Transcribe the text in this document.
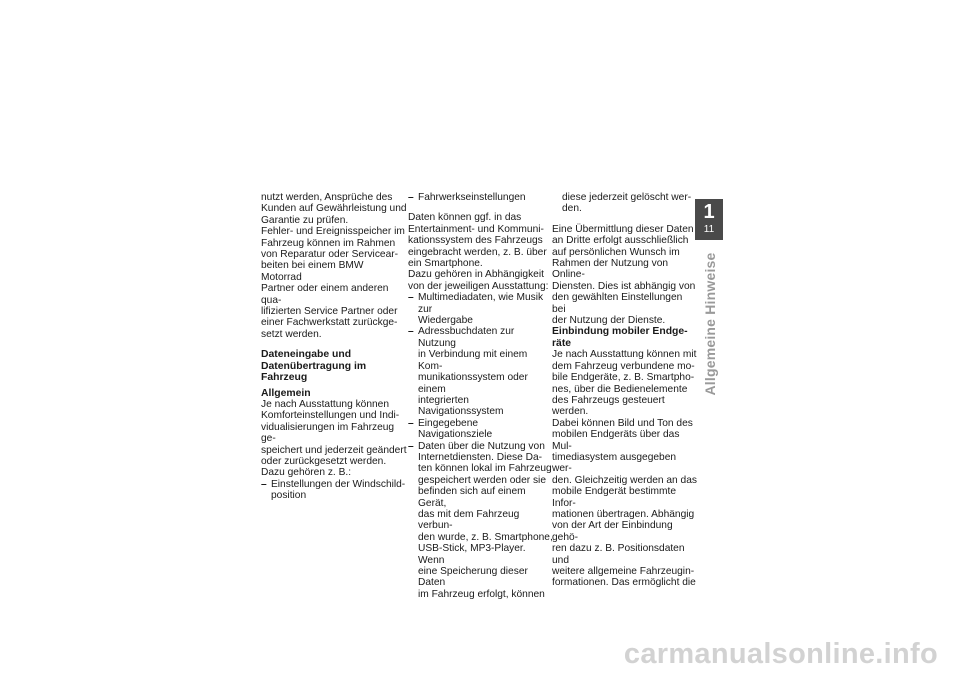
nutzt werden, Ansprüche des
Kunden auf Gewährleistung und
Garantie zu prüfen.

Fehler- und Ereignisspeicher im
Fahrzeug können im Rahmen
von Reparatur oder Servicear-
beiten bei einem BMW Motorrad
Partner oder einem anderen qua-
lifizierten Service Partner oder
einer Fachwerkstatt zurückge-
setzt werden.

Dateneingabe und
Datenübertragung im
Fahrzeug
Allgemein

Je nach Ausstattung können
Komforteinstellungen und Indi-
vidualisierungen im Fahrzeug ge-
speichert und jederzeit geändert
oder zurückgesetzt werden.

Dazu gehören z. B.:

– Einstellungen der Windschild-
position
– Fahrwerkseinstellungen

Daten können ggf. in das
Entertainment- und Kommuni-
kationssystem des Fahrzeugs
eingebracht werden, z. B. über
ein Smartphone.

Dazu gehören in Abhängigkeit
von der jeweiligen Ausstattung:

– Multimediadaten, wie Musik zur
Wiedergabe
– Adressbuchdaten zur Nutzung
in Verbindung mit einem Kom-
munikationssystem oder einem
integrierten Navigationssystem
– Eingegebene Navigationsziele
– Daten über die Nutzung von
Internetdiensten. Diese Da-
ten können lokal im Fahrzeug
gespeichert werden oder sie
befinden sich auf einem Gerät,
das mit dem Fahrzeug verbun-
den wurde, z. B. Smartphone,
USB-Stick, MP3-Player. Wenn
eine Speicherung dieser Daten
im Fahrzeug erfolgt, können

diese jederzeit gelöscht wer-
den.

Eine Übermittlung dieser Daten
an Dritte erfolgt ausschließlich
auf persönlichen Wunsch im
Rahmen der Nutzung von Online-
Diensten. Dies ist abhängig von
den gewählten Einstellungen bei
der Nutzung der Dienste.

Einbindung mobiler Endge-
räte

Je nach Ausstattung können mit
dem Fahrzeug verbundene mo-
bile Endgeräte, z. B. Smartpho-
nes, über die Bedienelemente
des Fahrzeugs gesteuert werden.

Dabei können Bild und Ton des
mobilen Endgeräts über das Mul-
timediasystem ausgegeben wer-
den. Gleichzeitig werden an das
mobile Endgerät bestimmte Infor-
mationen übertragen. Abhängig
von der Art der Einbindung gehö-
ren dazu z. B. Positionsdaten und
weitere allgemeine Fahrzeugin-
formationen. Das ermöglicht die

1
11
Allgemeine Hinweise
carmanualsonline.info
